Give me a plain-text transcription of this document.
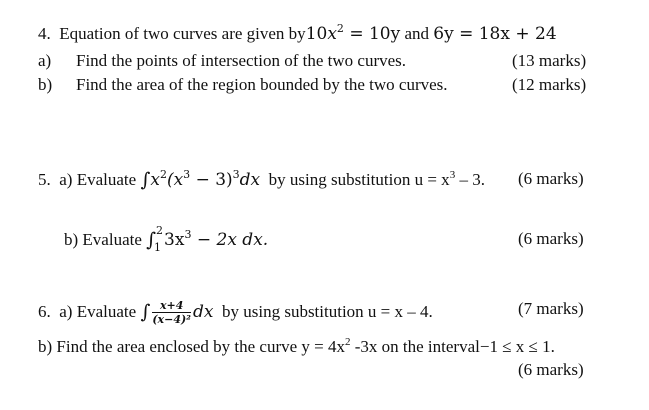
4. Equation of two curves are given $by10x^2 = 10y$ and 6y = 18x + 24
a) Find the points of intersection of the two curves.	(13 marks)
b) Find the area of the region bounded by the two curves.	(12 marks)
5. a) Evaluate $\int x^2(x^3 - 3)^3dx$ by using substitution $u = x^3 - 3$. (6 marks)
b) Evaluate ∫ 2
1 $3x^3 - 2x$ dx.	(6 marks)
6. a) Evaluate ∫ $\frac{x+4}{\text{(x−4)²}}$ dx by using substitution u = x – 4.	(7 marks)
b) Find the area enclosed by the curve $y = 4x^2$ -3x on the interval−1 ≤ x ≤ 1.
(6 marks)
